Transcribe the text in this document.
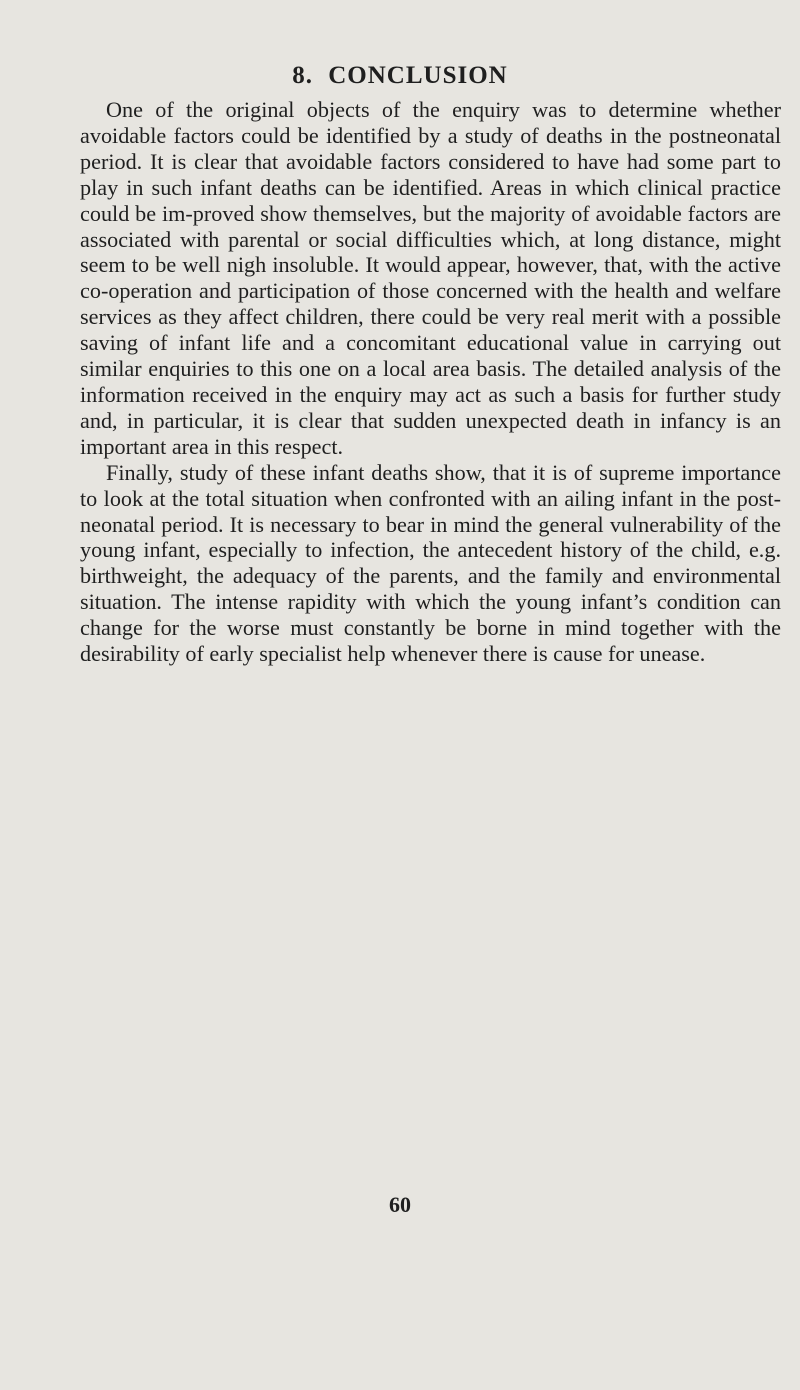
8. CONCLUSION

One of the original objects of the enquiry was to determine whether avoidable factors could be identified by a study of deaths in the postneonatal period. It is clear that avoidable factors considered to have had some part to play in such infant deaths can be identified. Areas in which clinical practice could be im-proved show themselves, but the majority of avoidable factors are associated with parental or social difficulties which, at long distance, might seem to be well nigh insoluble. It would appear, however, that, with the active co-operation and participation of those concerned with the health and welfare services as they affect children, there could be very real merit with a possible saving of infant life and a concomitant educational value in carrying out similar enquiries to this one on a local area basis. The detailed analysis of the information received in the enquiry may act as such a basis for further study and, in particular, it is clear that sudden unexpected death in infancy is an important area in this respect.

Finally, study of these infant deaths show, that it is of supreme importance to look at the total situation when confronted with an ailing infant in the post-neonatal period. It is necessary to bear in mind the general vulnerability of the young infant, especially to infection, the antecedent history of the child, e.g. birthweight, the adequacy of the parents, and the family and environmental situation. The intense rapidity with which the young infant’s condition can change for the worse must constantly be borne in mind together with the desirability of early specialist help whenever there is cause for unease.

60
